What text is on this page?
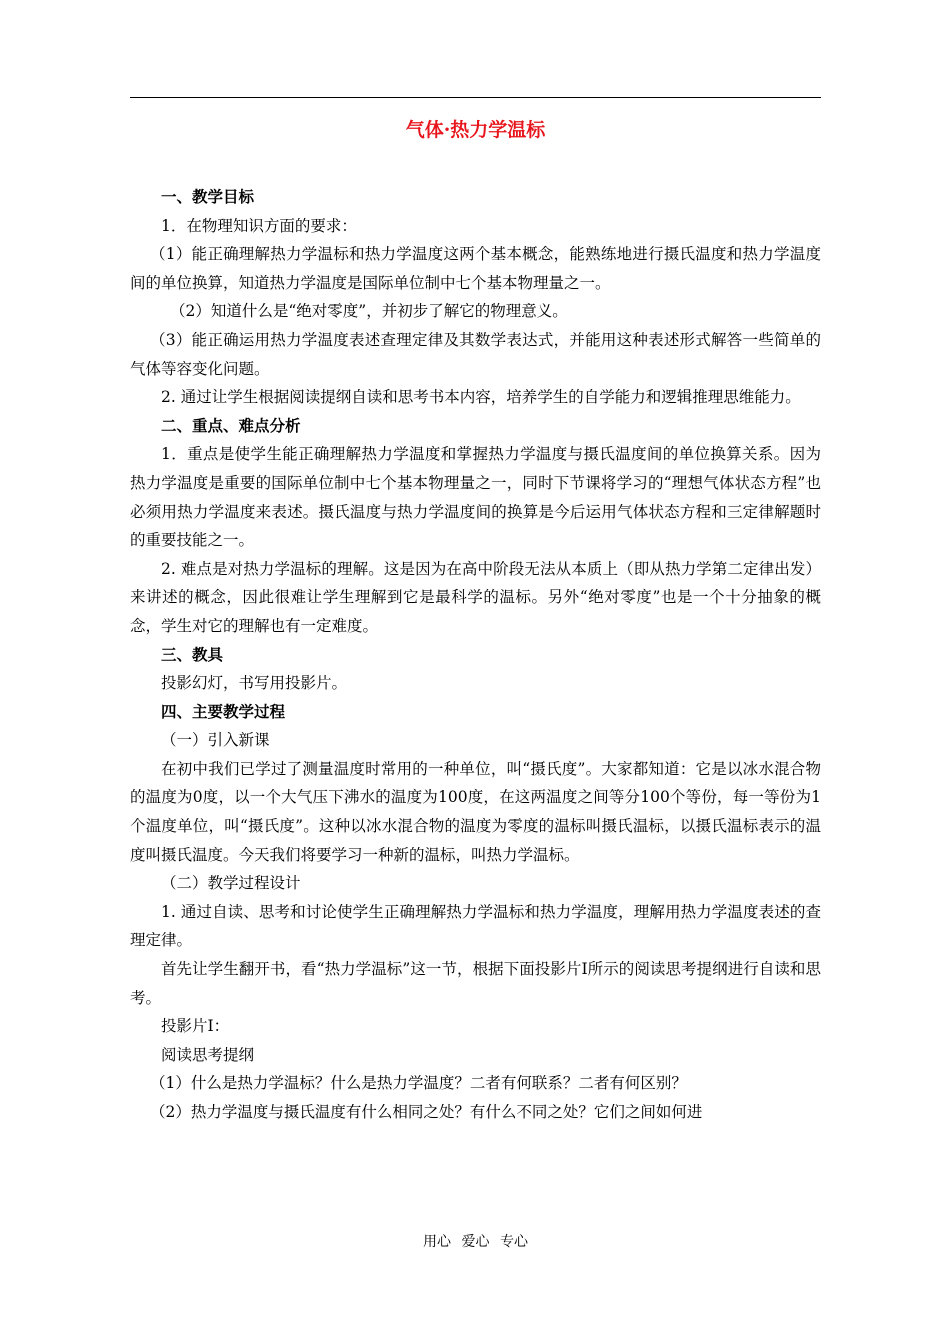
气体·热力学温标

一、教学目标

1．在物理知识方面的要求：

（1）能正确理解热力学温标和热力学温度这两个基本概念，能熟练地进行摄氏温度和热力学温度间的单位换算，知道热力学温度是国际单位制中七个基本物理量之一。

（2）知道什么是“绝对零度”，并初步了解它的物理意义。

（3）能正确运用热力学温度表述查理定律及其数学表达式，并能用这种表述形式解答一些简单的气体等容变化问题。

2. 通过让学生根据阅读提纲自读和思考书本内容，培养学生的自学能力和逻辑推理思维能力。

二、重点、难点分析

1．重点是使学生能正确理解热力学温度和掌握热力学温度与摄氏温度间的单位换算关系。因为热力学温度是重要的国际单位制中七个基本物理量之一，同时下节课将学习的“理想气体状态方程”也必须用热力学温度来表述。摄氏温度与热力学温度间的换算是今后运用气体状态方程和三定律解题时的重要技能之一。

2. 难点是对热力学温标的理解。这是因为在高中阶段无法从本质上（即从热力学第二定律出发）来讲述的概念，因此很难让学生理解到它是最科学的温标。另外“绝对零度”也是一个十分抽象的概念，学生对它的理解也有一定难度。

三、教具

投影幻灯，书写用投影片。

四、主要教学过程

（一）引入新课

在初中我们已学过了测量温度时常用的一种单位，叫“摄氏度”。大家都知道：它是以冰水混合物的温度为0度，以一个大气压下沸水的温度为100度，在这两温度之间等分100个等份，每一等份为1个温度单位，叫“摄氏度”。这种以冰水混合物的温度为零度的温标叫摄氏温标，以摄氏温标表示的温度叫摄氏温度。今天我们将要学习一种新的温标，叫热力学温标。

（二）教学过程设计

1. 通过自读、思考和讨论使学生正确理解热力学温标和热力学温度，理解用热力学温度表述的查理定律。

首先让学生翻开书，看“热力学温标”这一节，根据下面投影片Ⅰ所示的阅读思考提纲进行自读和思考。

投影片Ⅰ：

阅读思考提纲

（1）什么是热力学温标？什么是热力学温度？二者有何联系？二者有何区别？

（2）热力学温度与摄氏温度有什么相同之处？有什么不同之处？它们之间如何进

用心 爱心 专心
